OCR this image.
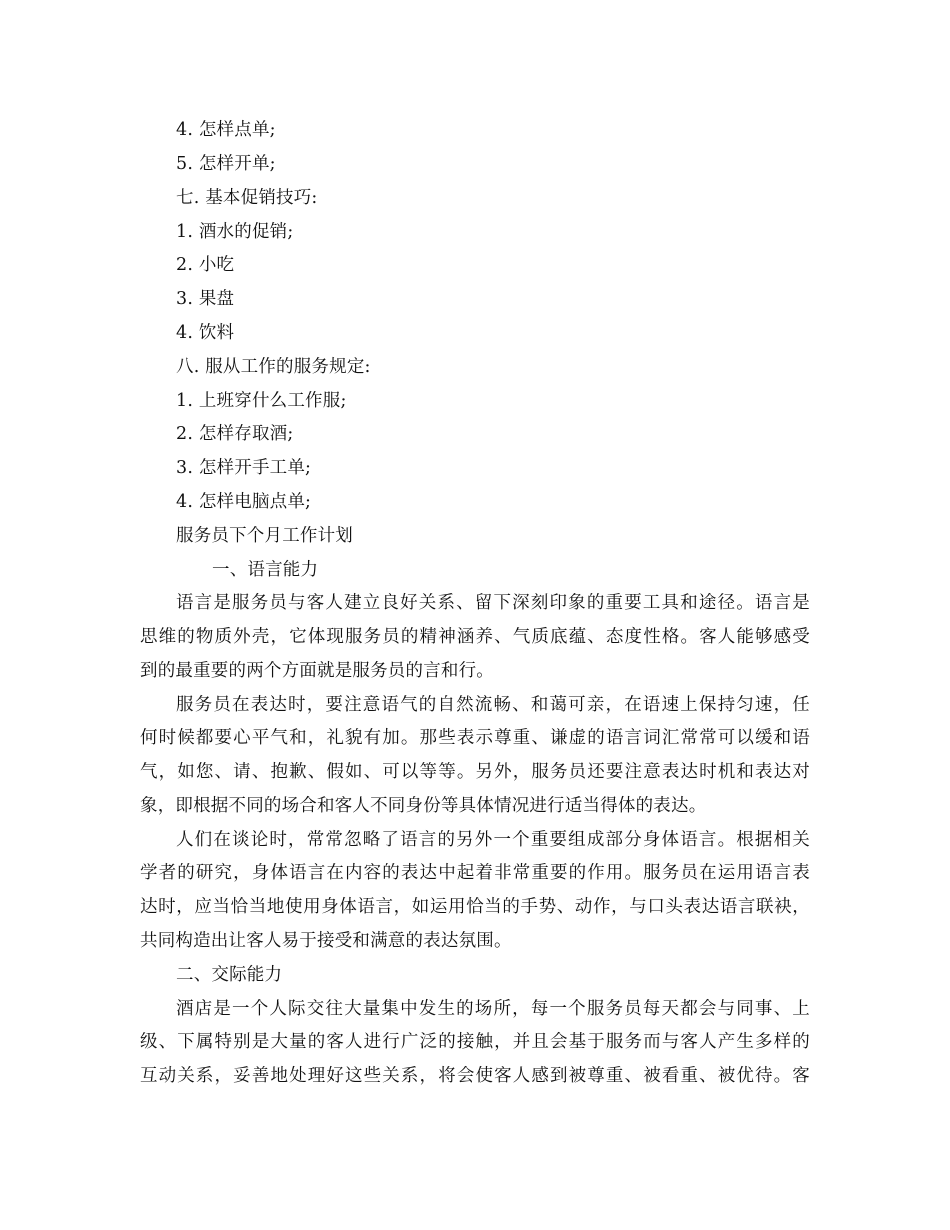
4. 怎样点单;
5. 怎样开单;
七. 基本促销技巧:
1. 酒水的促销;
2. 小吃
3. 果盘
4. 饮料
八. 服从工作的服务规定:
1. 上班穿什么工作服;
2. 怎样存取酒;
3. 怎样开手工单;
4. 怎样电脑点单;
服务员下个月工作计划
一、语言能力
语言是服务员与客人建立良好关系、留下深刻印象的重要工具和途径。语言是
思维的物质外壳，它体现服务员的精神涵养、气质底蕴、态度性格。客人能够感受
到的最重要的两个方面就是服务员的言和行。
服务员在表达时，要注意语气的自然流畅、和蔼可亲，在语速上保持匀速，任
何时候都要心平气和，礼貌有加。那些表示尊重、谦虚的语言词汇常常可以缓和语
气，如您、请、抱歉、假如、可以等等。另外，服务员还要注意表达时机和表达对
象，即根据不同的场合和客人不同身份等具体情况进行适当得体的表达。
人们在谈论时，常常忽略了语言的另外一个重要组成部分身体语言。根据相关
学者的研究，身体语言在内容的表达中起着非常重要的作用。服务员在运用语言表
达时，应当恰当地使用身体语言，如运用恰当的手势、动作，与口头表达语言联袂，
共同构造出让客人易于接受和满意的表达氛围。
二、交际能力
酒店是一个人际交往大量集中发生的场所，每一个服务员每天都会与同事、上
级、下属特别是大量的客人进行广泛的接触，并且会基于服务而与客人产生多样的
互动关系，妥善地处理好这些关系，将会使客人感到被尊重、被看重、被优待。客
